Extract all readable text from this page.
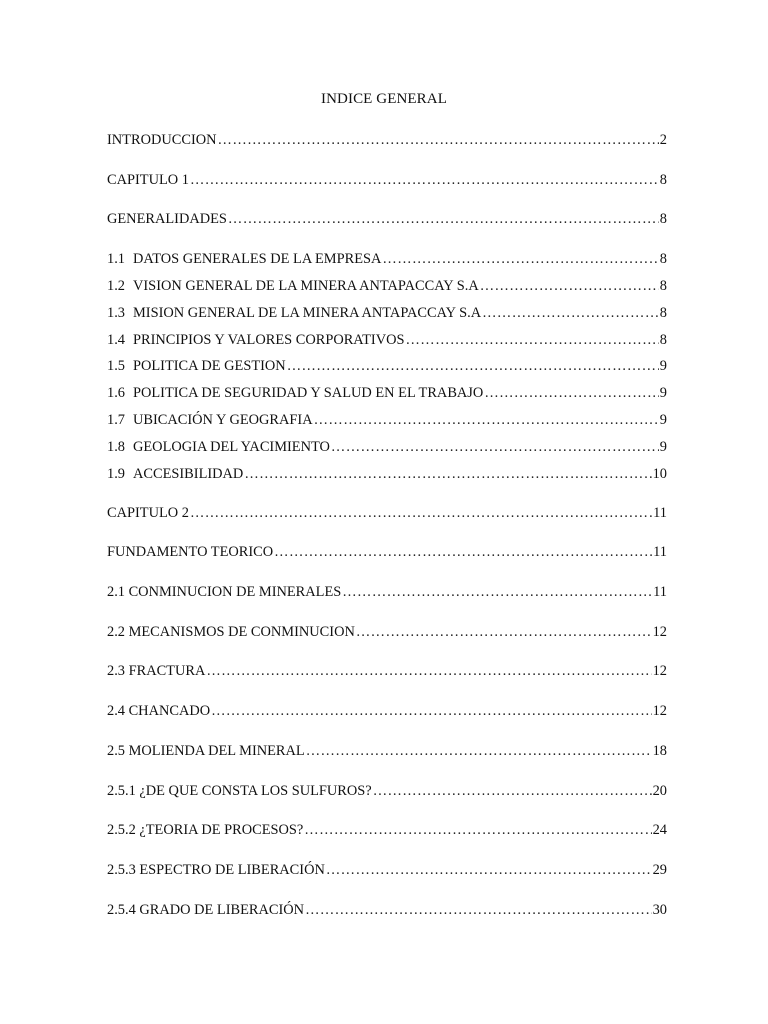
INDICE GENERAL
INTRODUCCION ………………………………………………………………………………………………………………………………………………………………………………………………	2
CAPITULO 1 ………………………………………………………………………………………………………………………………………………………………………………………………	8
GENERALIDADES ………………………………………………………………………………………………………………………………………………………………………………………………	8
1.1 DATOS GENERALES DE LA EMPRESA ………………………………………………………………………………………………………………………………………………………………………………………………	8
1.2 VISION GENERAL DE LA MINERA ANTAPACCAY S.A ………………………………………………………………………………………………………………………………………………………………………………………………	8
1.3 MISION GENERAL DE LA MINERA ANTAPACCAY S.A ………………………………………………………………………………………………………………………………………………………………………………………………	8
1.4 PRINCIPIOS Y VALORES CORPORATIVOS ………………………………………………………………………………………………………………………………………………………………………………………………	8
1.5 POLITICA DE GESTION ………………………………………………………………………………………………………………………………………………………………………………………………	9
1.6 POLITICA DE SEGURIDAD Y SALUD EN EL TRABAJO ………………………………………………………………………………………………………………………………………………………………………………………………	9
1.7 UBICACIÓN Y GEOGRAFIA ………………………………………………………………………………………………………………………………………………………………………………………………	9
1.8 GEOLOGIA DEL YACIMIENTO ………………………………………………………………………………………………………………………………………………………………………………………………	9
1.9 ACCESIBILIDAD ………………………………………………………………………………………………………………………………………………………………………………………………	10
CAPITULO 2 ………………………………………………………………………………………………………………………………………………………………………………………………	11
FUNDAMENTO TEORICO ………………………………………………………………………………………………………………………………………………………………………………………………	11
2.1 CONMINUCION DE MINERALES ………………………………………………………………………………………………………………………………………………………………………………………………	11
2.2 MECANISMOS DE CONMINUCION ………………………………………………………………………………………………………………………………………………………………………………………………	12
2.3 FRACTURA ………………………………………………………………………………………………………………………………………………………………………………………………	12
2.4 CHANCADO ………………………………………………………………………………………………………………………………………………………………………………………………	12
2.5 MOLIENDA DEL MINERAL ………………………………………………………………………………………………………………………………………………………………………………………………	18
2.5.1 ¿DE QUE CONSTA LOS SULFUROS? ………………………………………………………………………………………………………………………………………………………………………………………………	20
2.5.2 ¿TEORIA DE PROCESOS? ………………………………………………………………………………………………………………………………………………………………………………………………	24
2.5.3 ESPECTRO DE LIBERACIÓN ………………………………………………………………………………………………………………………………………………………………………………………………	29
2.5.4 GRADO DE LIBERACIÓN ………………………………………………………………………………………………………………………………………………………………………………………………	30
